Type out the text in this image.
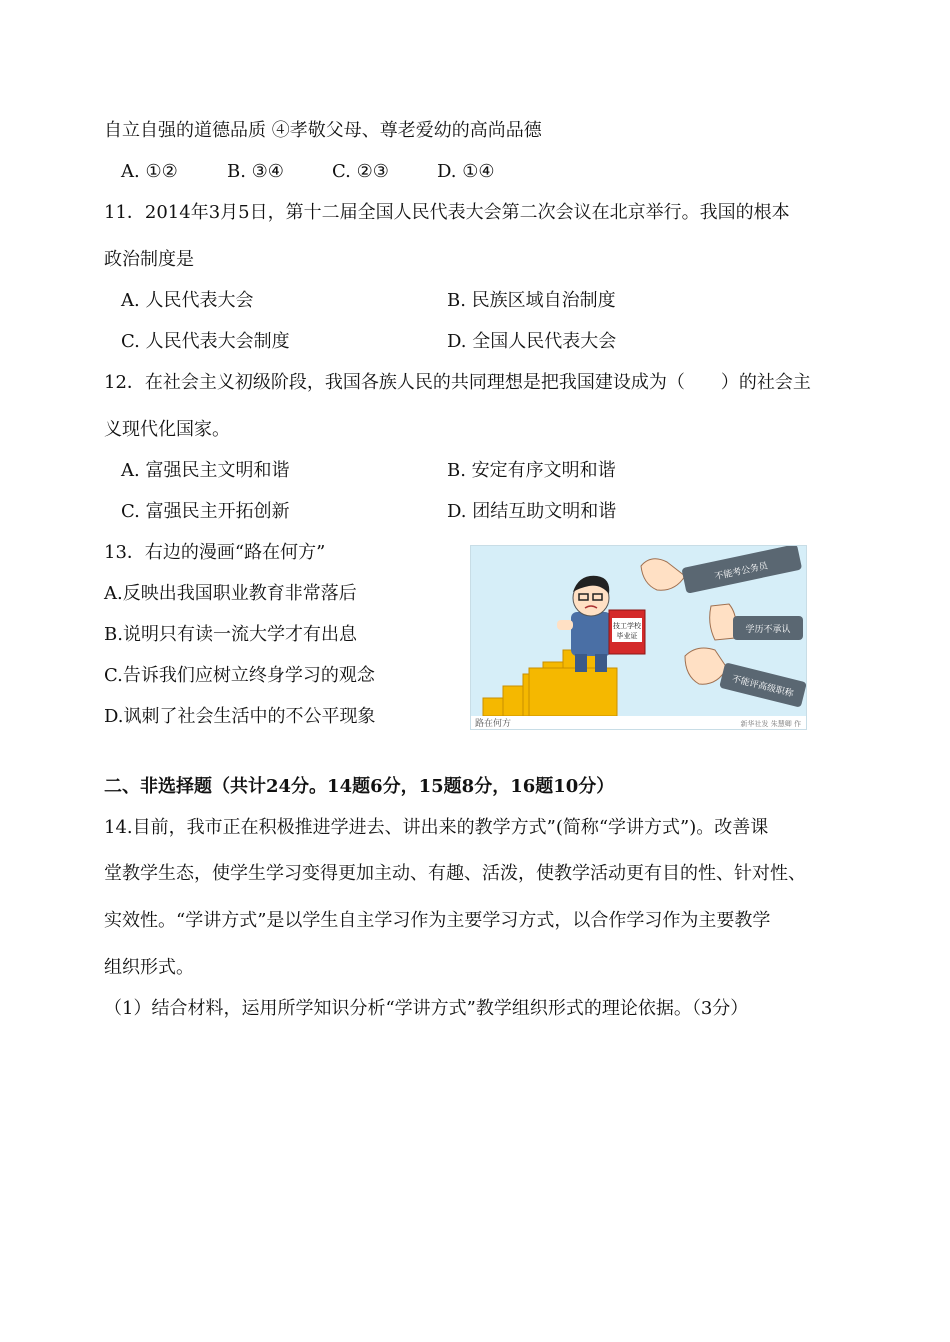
自立自强的道德品质 ④孝敬父母、尊老爱幼的高尚品德
A. ①②	B. ③④	C. ②③	D. ①④
11．2014年3月5日，第十二届全国人民代表大会第二次会议在北京举行。我国的根本
政治制度是
A. 人民代表大会	B. 民族区域自治制度
C. 人民代表大会制度	D. 全国人民代表大会
12．在社会主义初级阶段，我国各族人民的共同理想是把我国建设成为（　　）的社会主
义现代化国家。
A. 富强民主文明和谐	B. 安定有序文明和谐
C. 富强民主开拓创新	D. 团结互助文明和谐
13．右边的漫画“路在何方”
A.反映出我国职业教育非常落后
B.说明只有读一流大学才有出息
C.告诉我们应树立终身学习的观念
D.讽刺了社会生活中的不公平现象
技工学校
毕业证
不能考公务员
学历不承认
不能评高级职称
路在何方	新华社发 朱慧卿 作
二、非选择题（共计24分。14题6分，15题8分，16题10分）
14.目前，我市正在积极推进学进去、讲出来的教学方式”(简称“学讲方式”)。改善课
堂教学生态，使学生学习变得更加主动、有趣、活泼，使教学活动更有目的性、针对性、
实效性。“学讲方式”是以学生自主学习作为主要学习方式，以合作学习作为主要教学
组织形式。
（1）结合材料，运用所学知识分析“学讲方式”教学组织形式的理论依据。（3分）
